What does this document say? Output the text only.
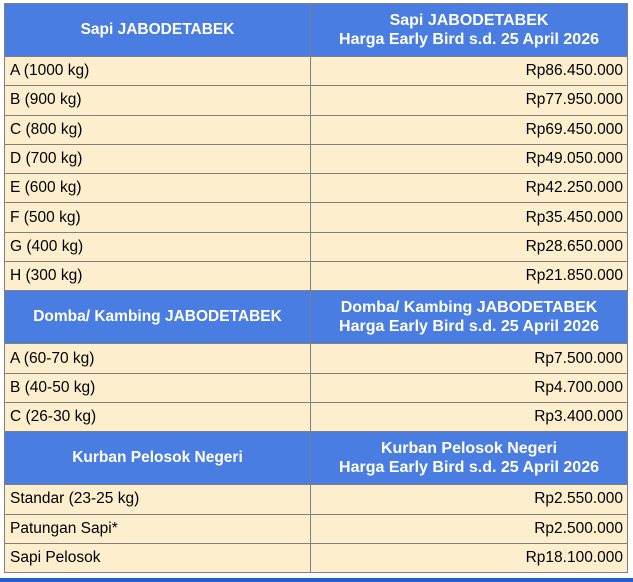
Sapi JABODETABEK	Sapi JABODETABEK
Harga Early Bird s.d. 25 April 2026

A (1000 kg)	Rp86.450.000
B (900 kg)	Rp77.950.000
C (800 kg)	Rp69.450.000
D (700 kg)	Rp49.050.000
E (600 kg)	Rp42.250.000
F (500 kg)	Rp35.450.000
G (400 kg)	Rp28.650.000
H (300 kg)	Rp21.850.000

Domba/ Kambing JABODETABEK	Domba/ Kambing JABODETABEK
Harga Early Bird s.d. 25 April 2026

A (60-70 kg)	Rp7.500.000
B (40-50 kg)	Rp4.700.000
C (26-30 kg)	Rp3.400.000

Kurban Pelosok Negeri	Kurban Pelosok Negeri
Harga Early Bird s.d. 25 April 2026

Standar (23-25 kg)	Rp2.550.000
Patungan Sapi*	Rp2.500.000
Sapi Pelosok	Rp18.100.000
